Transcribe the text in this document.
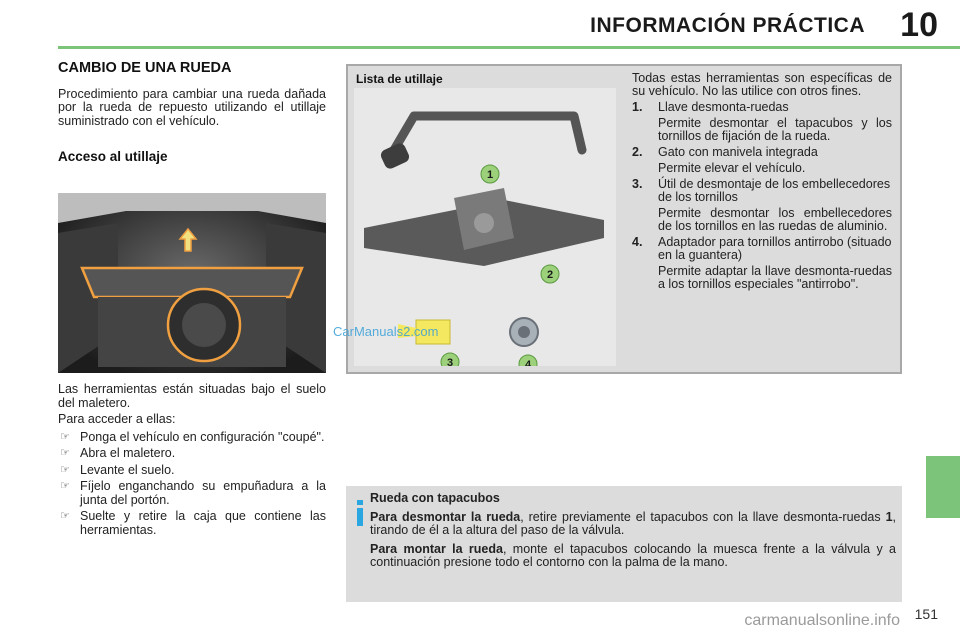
INFORMACIÓN PRÁCTICA 10
CAMBIO DE UNA RUEDA

Procedimiento para cambiar una rueda dañada por la rueda de repuesto utilizando el utillaje suministrado con el vehículo.

Acceso al utillaje

Las herramientas están situadas bajo el suelo del maletero.

Para acceder a ellas:

☞ Ponga el vehículo en configuración "coupé".
☞ Abra el maletero.
☞ Levante el suelo.
☞ Fíjelo enganchando su empuñadura a la junta del portón.
☞ Suelte y retire la caja que contiene las herramientas.
Lista de utillaje
1
2
3	4

Todas estas herramientas son específicas de su vehículo. No las utilice con otros fines.

1. Llave desmonta-ruedas
Permite desmontar el tapacubos y los tornillos de fijación de la rueda.
2. Gato con manivela integrada
Permite elevar el vehículo.
3. Útil de desmontaje de los embellecedores de los tornillos
Permite desmontar los embellecedores de los tornillos en las ruedas de aluminio.
4. Adaptador para tornillos antirrobo (situado en la guantera)
Permite adaptar la llave desmonta-ruedas a los tornillos especiales "antirrobo".
CarManuals2.com

Rueda con tapacubos

Para desmontar la rueda, retire previamente el tapacubos con la llave desmonta-ruedas 1, tirando de él a la altura del paso de la válvula.

Para montar la rueda, monte el tapacubos colocando la muesca frente a la válvula y a continuación presione todo el contorno con la palma de la mano.

151
carmanualsonline.info
